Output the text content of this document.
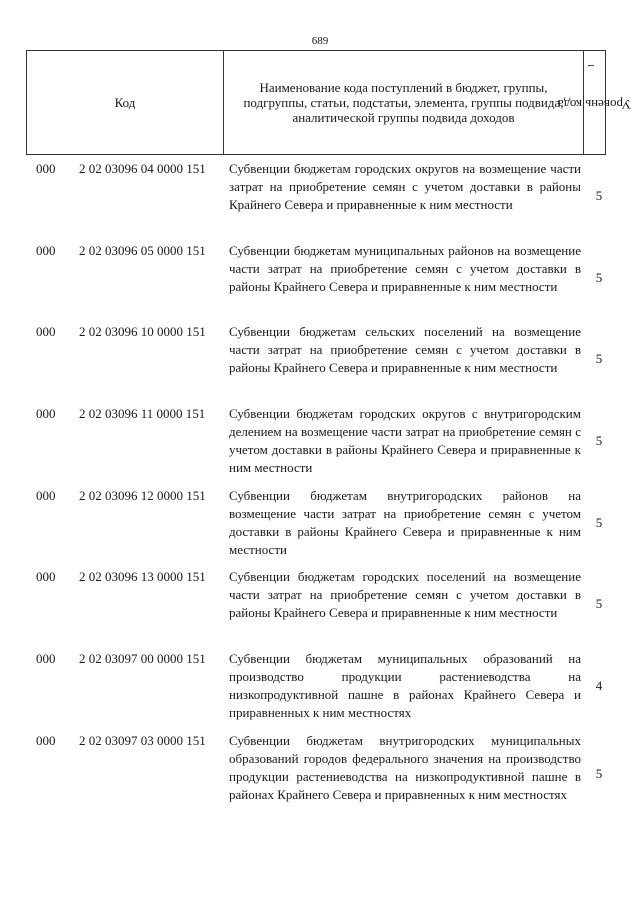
689
Код
Наименование кода поступлений в бюджет, группы, подгруппы, статьи, подстатьи, элемента, группы подвида, аналитической группы подвида доходов
Уровень кода$^1$
000 2 02 03096 04 0000 151 Субвенции бюджетам городских округов на возмещение части затрат на приобретение семян с учетом доставки в районы Крайнего Севера и приравненные к ним местности
5
000 2 02 03096 05 0000 151 Субвенции бюджетам муниципальных районов на возмещение части затрат на приобретение семян с учетом доставки в районы Крайнего Севера и приравненные к ним местности
5
000 2 02 03096 10 0000 151 Субвенции бюджетам сельских поселений на возмещение части затрат на приобретение семян с учетом доставки в районы Крайнего Севера и приравненные к ним местности
5
000 2 02 03096 11 0000 151 Субвенции бюджетам городских округов с внутригородским делением на возмещение части затрат на приобретение семян с учетом доставки в районы Крайнего Севера и приравненные к ним местности
5
000 2 02 03096 12 0000 151 Субвенции бюджетам внутригородских районов на возмещение части затрат на приобретение семян с учетом доставки в районы Крайнего Севера и приравненные к ним местности
5
000 2 02 03096 13 0000 151 Субвенции бюджетам городских поселений на возмещение части затрат на приобретение семян с учетом доставки в районы Крайнего Севера и приравненные к ним местности
5
000 2 02 03097 00 0000 151 Субвенции бюджетам муниципальных образований на производство продукции растениеводства на низкопродуктивной пашне в районах Крайнего Севера и приравненных к ним местностях
4
000 2 02 03097 03 0000 151 Субвенции бюджетам внутригородских муниципальных образований городов федерального значения на производство продукции растениеводства на низкопродуктивной пашне в районах Крайнего Севера и приравненных к ним местностях
5
